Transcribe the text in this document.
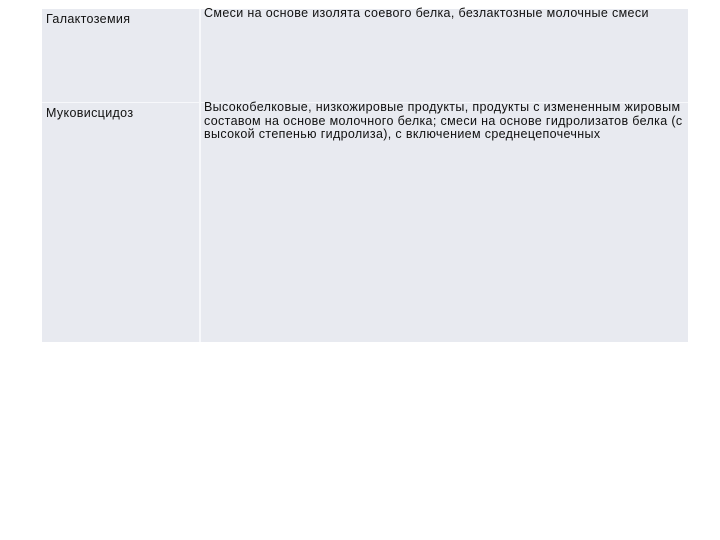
Галактоземия	Смеси на основе изолята соевого белка, безлактозные молочные смеси

Муковисцидоз	Высокобелковые, низкожировые продукты, продукты с измененным жировым составом на основе молочного белка; смеси на основе гидролизатов белка (с высокой степенью гидролиза), с включением среднецепочечных
